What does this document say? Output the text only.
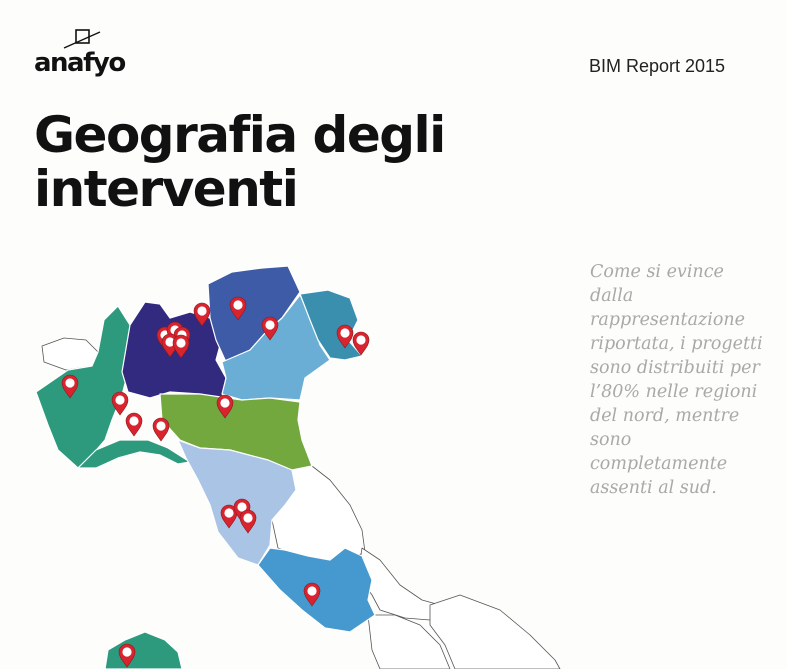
anafyo	BIM Report 2015
Geografia degli
interventi
Come si evince dalla rappresentazione riportata, i progetti sono distribuiti per l’80% nelle regioni del nord, mentre sono completamente assenti al sud.
